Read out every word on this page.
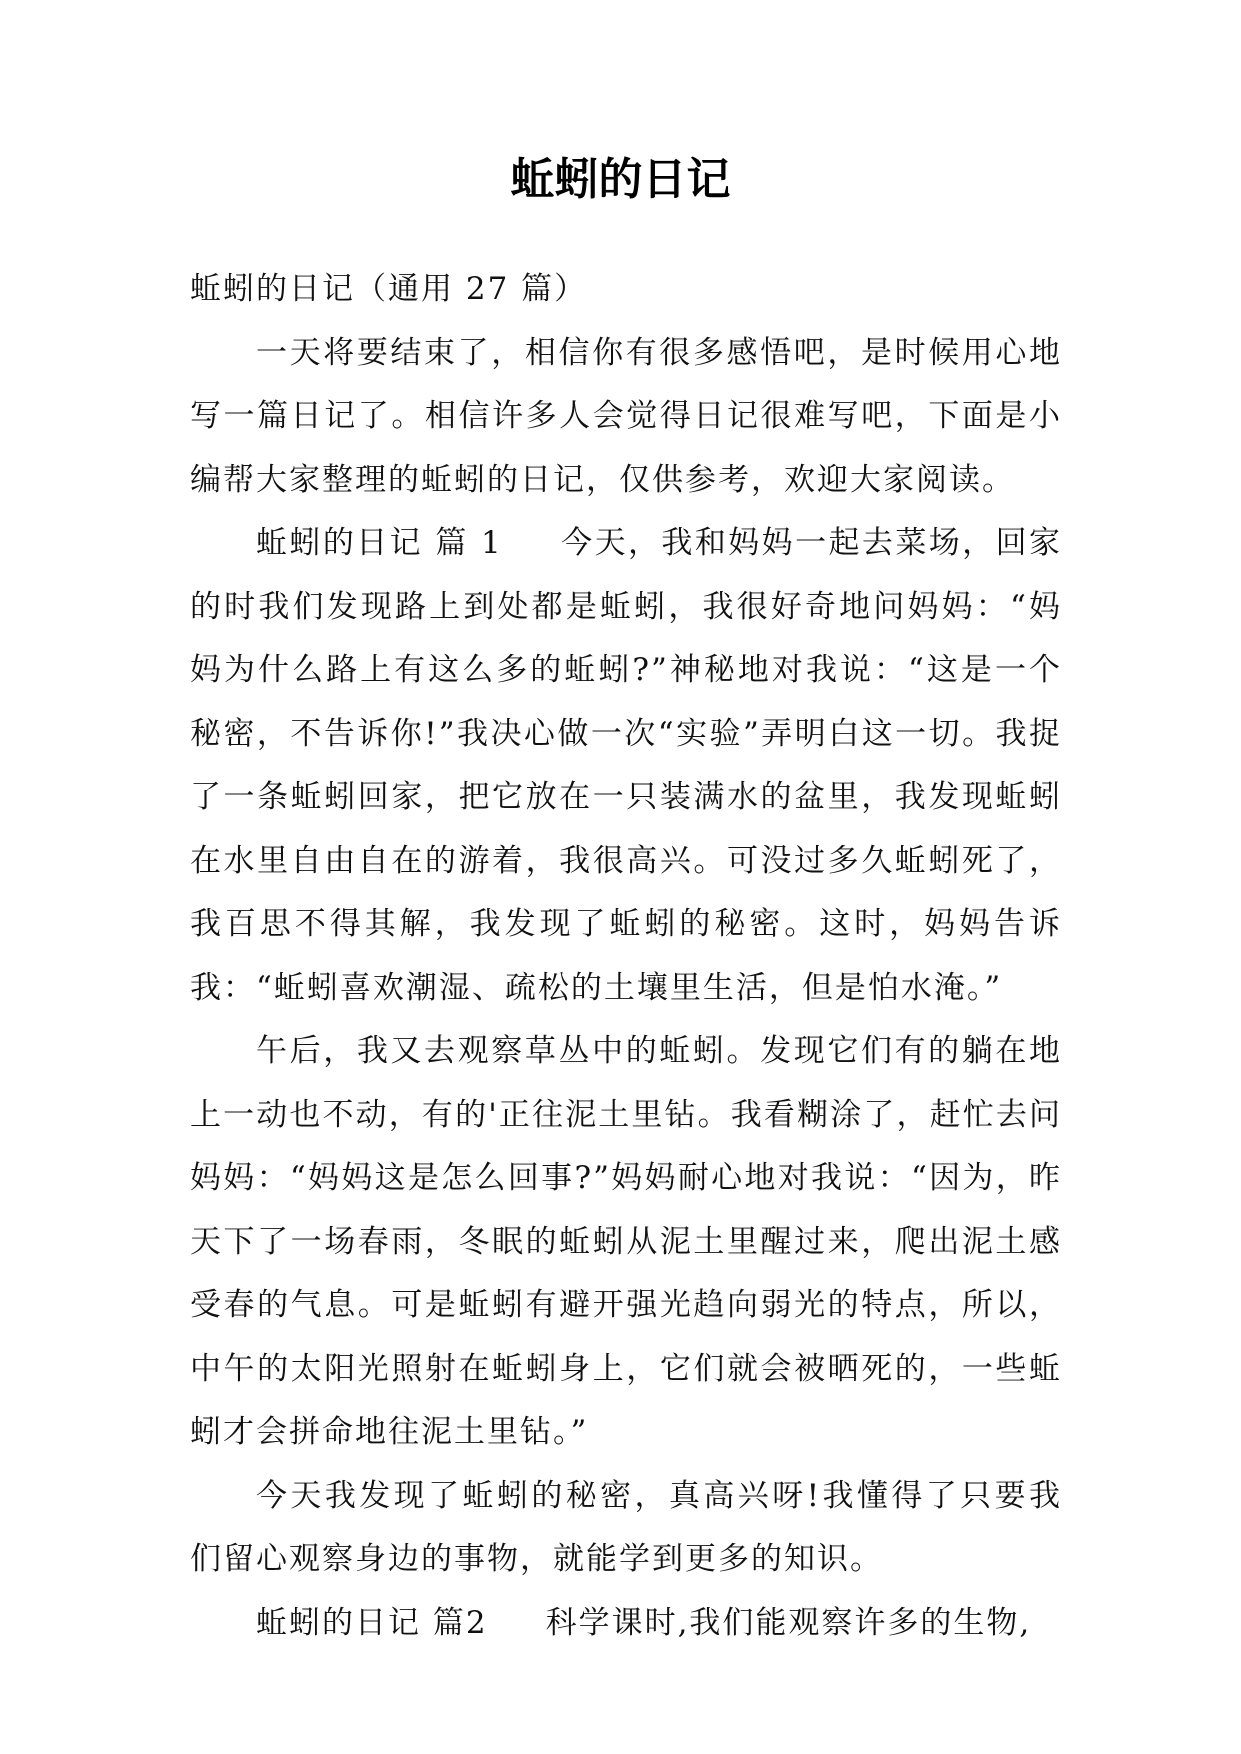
蚯蚓的日记

蚯蚓的日记（通用 27 篇）

一天将要结束了，相信你有很多感悟吧，是时候用心地写一篇日记了。相信许多人会觉得日记很难写吧，下面是小编帮大家整理的蚯蚓的日记，仅供参考，欢迎大家阅读。

蚯蚓的日记 篇 1 今天，我和妈妈一起去菜场，回家的时我们发现路上到处都是蚯蚓，我很好奇地问妈妈：“妈妈为什么路上有这么多的蚯蚓?”神秘地对我说：“这是一个秘密，不告诉你!”我决心做一次“实验”弄明白这一切。我捉了一条蚯蚓回家，把它放在一只装满水的盆里，我发现蚯蚓在水里自由自在的游着，我很高兴。可没过多久蚯蚓死了，我百思不得其解，我发现了蚯蚓的秘密。这时，妈妈告诉我：“蚯蚓喜欢潮湿、疏松的土壤里生活，但是怕水淹。”

午后，我又去观察草丛中的蚯蚓。发现它们有的躺在地上一动也不动，有的'正往泥土里钻。我看糊涂了，赶忙去问妈妈：“妈妈这是怎么回事?”妈妈耐心地对我说：“因为，昨天下了一场春雨，冬眠的蚯蚓从泥土里醒过来，爬出泥土感受春的气息。可是蚯蚓有避开强光趋向弱光的特点，所以，中午的太阳光照射在蚯蚓身上，它们就会被晒死的，一些蚯蚓才会拼命地往泥土里钻。”

今天我发现了蚯蚓的秘密，真高兴呀!我懂得了只要我们留心观察身边的事物，就能学到更多的知识。

蚯蚓的日记 篇2 科学课时,我们能观察许多的生物,
